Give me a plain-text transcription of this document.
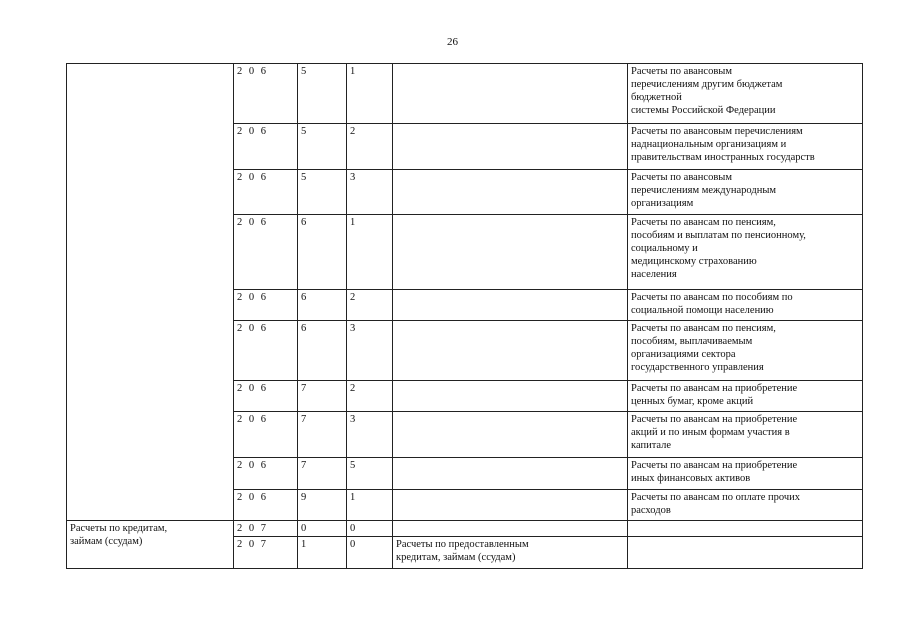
26
	2 0 6	5	1		Расчеты по авансовым
перечислениям другим бюджетам
бюджетной
системы Российской Федерации
	2 0 6	5	2		Расчеты по авансовым перечислениям
наднациональным организациям и
правительствам иностранных государств
	2 0 6	5	3		Расчеты по авансовым
перечислениям международным
организациям
	2 0 6	6	1		Расчеты по авансам по пенсиям,
пособиям и выплатам по пенсионному,
социальному и
медицинскому страхованию
населения
	2 0 6	6	2		Расчеты по авансам по пособиям по
социальной помощи населению
	2 0 6	6	3		Расчеты по авансам по пенсиям,
пособиям, выплачиваемым
организациями сектора
государственного управления
	2 0 6	7	2		Расчеты по авансам на приобретение
ценных бумаг, кроме акций
	2 0 6	7	3		Расчеты по авансам на приобретение
акций и по иным формам участия в
капитале
	2 0 6	7	5		Расчеты по авансам на приобретение
иных финансовых активов
	2 0 6	9	1		Расчеты по авансам по оплате прочих
расходов
Расчеты по кредитам,
займам (ссудам)	2 0 7	0	0		
	2 0 7	1	0	Расчеты по предоставленным
кредитам, займам (ссудам)	
